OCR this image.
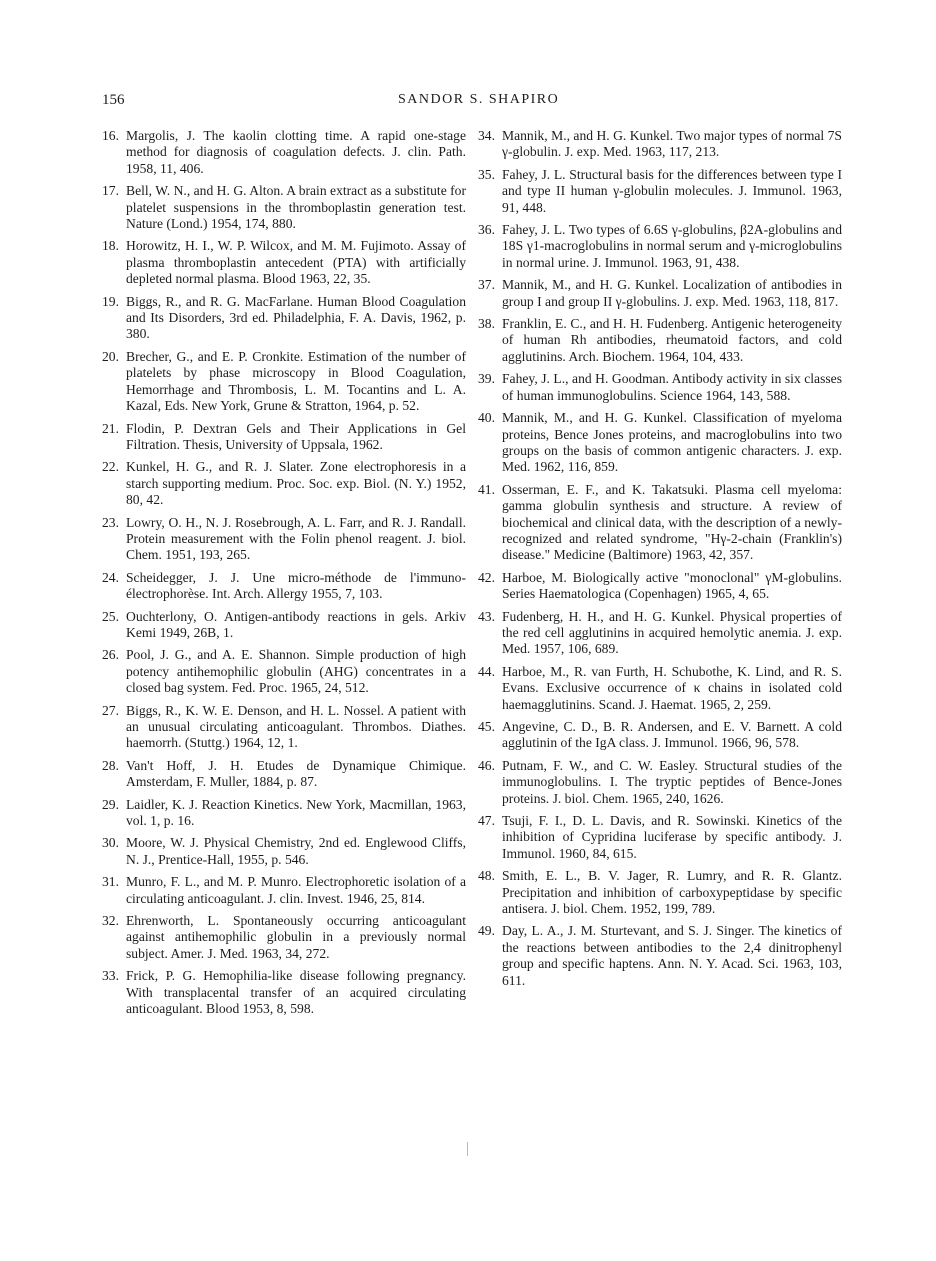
156	SANDOR S. SHAPIRO
16. Margolis, J. The kaolin clotting time. A rapid one-stage method for diagnosis of coagulation defects. J. clin. Path. 1958, 11, 406.
17. Bell, W. N., and H. G. Alton. A brain extract as a substitute for platelet suspensions in the thromboplastin generation test. Nature (Lond.) 1954, 174, 880.
18. Horowitz, H. I., W. P. Wilcox, and M. M. Fujimoto. Assay of plasma thromboplastin antecedent (PTA) with artificially depleted normal plasma. Blood 1963, 22, 35.
19. Biggs, R., and R. G. MacFarlane. Human Blood Coagulation and Its Disorders, 3rd ed. Philadelphia, F. A. Davis, 1962, p. 380.
20. Brecher, G., and E. P. Cronkite. Estimation of the number of platelets by phase microscopy in Blood Coagulation, Hemorrhage and Thrombosis, L. M. Tocantins and L. A. Kazal, Eds. New York, Grune & Stratton, 1964, p. 52.
21. Flodin, P. Dextran Gels and Their Applications in Gel Filtration. Thesis, University of Uppsala, 1962.
22. Kunkel, H. G., and R. J. Slater. Zone electrophoresis in a starch supporting medium. Proc. Soc. exp. Biol. (N. Y.) 1952, 80, 42.
23. Lowry, O. H., N. J. Rosebrough, A. L. Farr, and R. J. Randall. Protein measurement with the Folin phenol reagent. J. biol. Chem. 1951, 193, 265.
24. Scheidegger, J. J. Une micro-méthode de l'immuno-électrophorèse. Int. Arch. Allergy 1955, 7, 103.
25. Ouchterlony, O. Antigen-antibody reactions in gels. Arkiv Kemi 1949, 26B, 1.
26. Pool, J. G., and A. E. Shannon. Simple production of high potency antihemophilic globulin (AHG) concentrates in a closed bag system. Fed. Proc. 1965, 24, 512.
27. Biggs, R., K. W. E. Denson, and H. L. Nossel. A patient with an unusual circulating anticoagulant. Thrombos. Diathes. haemorrh. (Stuttg.) 1964, 12, 1.
28. Van't Hoff, J. H. Etudes de Dynamique Chimique. Amsterdam, F. Muller, 1884, p. 87.
29. Laidler, K. J. Reaction Kinetics. New York, Macmillan, 1963, vol. 1, p. 16.
30. Moore, W. J. Physical Chemistry, 2nd ed. Englewood Cliffs, N. J., Prentice-Hall, 1955, p. 546.
31. Munro, F. L., and M. P. Munro. Electrophoretic isolation of a circulating anticoagulant. J. clin. Invest. 1946, 25, 814.
32. Ehrenworth, L. Spontaneously occurring anticoagulant against antihemophilic globulin in a previously normal subject. Amer. J. Med. 1963, 34, 272.
33. Frick, P. G. Hemophilia-like disease following pregnancy. With transplacental transfer of an acquired circulating anticoagulant. Blood 1953, 8, 598.
34. Mannik, M., and H. G. Kunkel. Two major types of normal 7S γ-globulin. J. exp. Med. 1963, 117, 213.
35. Fahey, J. L. Structural basis for the differences between type I and type II human γ-globulin molecules. J. Immunol. 1963, 91, 448.
36. Fahey, J. L. Two types of 6.6S γ-globulins, β2A-globulins and 18S γ1-macroglobulins in normal serum and γ-microglobulins in normal urine. J. Immunol. 1963, 91, 438.
37. Mannik, M., and H. G. Kunkel. Localization of antibodies in group I and group II γ-globulins. J. exp. Med. 1963, 118, 817.
38. Franklin, E. C., and H. H. Fudenberg. Antigenic heterogeneity of human Rh antibodies, rheumatoid factors, and cold agglutinins. Arch. Biochem. 1964, 104, 433.
39. Fahey, J. L., and H. Goodman. Antibody activity in six classes of human immunoglobulins. Science 1964, 143, 588.
40. Mannik, M., and H. G. Kunkel. Classification of myeloma proteins, Bence Jones proteins, and macroglobulins into two groups on the basis of common antigenic characters. J. exp. Med. 1962, 116, 859.
41. Osserman, E. F., and K. Takatsuki. Plasma cell myeloma: gamma globulin synthesis and structure. A review of biochemical and clinical data, with the description of a newly-recognized and related syndrome, "Hγ-2-chain (Franklin's) disease." Medicine (Baltimore) 1963, 42, 357.
42. Harboe, M. Biologically active "monoclonal" γM-globulins. Series Haematologica (Copenhagen) 1965, 4, 65.
43. Fudenberg, H. H., and H. G. Kunkel. Physical properties of the red cell agglutinins in acquired hemolytic anemia. J. exp. Med. 1957, 106, 689.
44. Harboe, M., R. van Furth, H. Schubothe, K. Lind, and R. S. Evans. Exclusive occurrence of κ chains in isolated cold haemagglutinins. Scand. J. Haemat. 1965, 2, 259.
45. Angevine, C. D., B. R. Andersen, and E. V. Barnett. A cold agglutinin of the IgA class. J. Immunol. 1966, 96, 578.
46. Putnam, F. W., and C. W. Easley. Structural studies of the immunoglobulins. I. The tryptic peptides of Bence-Jones proteins. J. biol. Chem. 1965, 240, 1626.
47. Tsuji, F. I., D. L. Davis, and R. Sowinski. Kinetics of the inhibition of Cypridina luciferase by specific antibody. J. Immunol. 1960, 84, 615.
48. Smith, E. L., B. V. Jager, R. Lumry, and R. R. Glantz. Precipitation and inhibition of carboxypeptidase by specific antisera. J. biol. Chem. 1952, 199, 789.
49. Day, L. A., J. M. Sturtevant, and S. J. Singer. The kinetics of the reactions between antibodies to the 2,4 dinitrophenyl group and specific haptens. Ann. N. Y. Acad. Sci. 1963, 103, 611.
